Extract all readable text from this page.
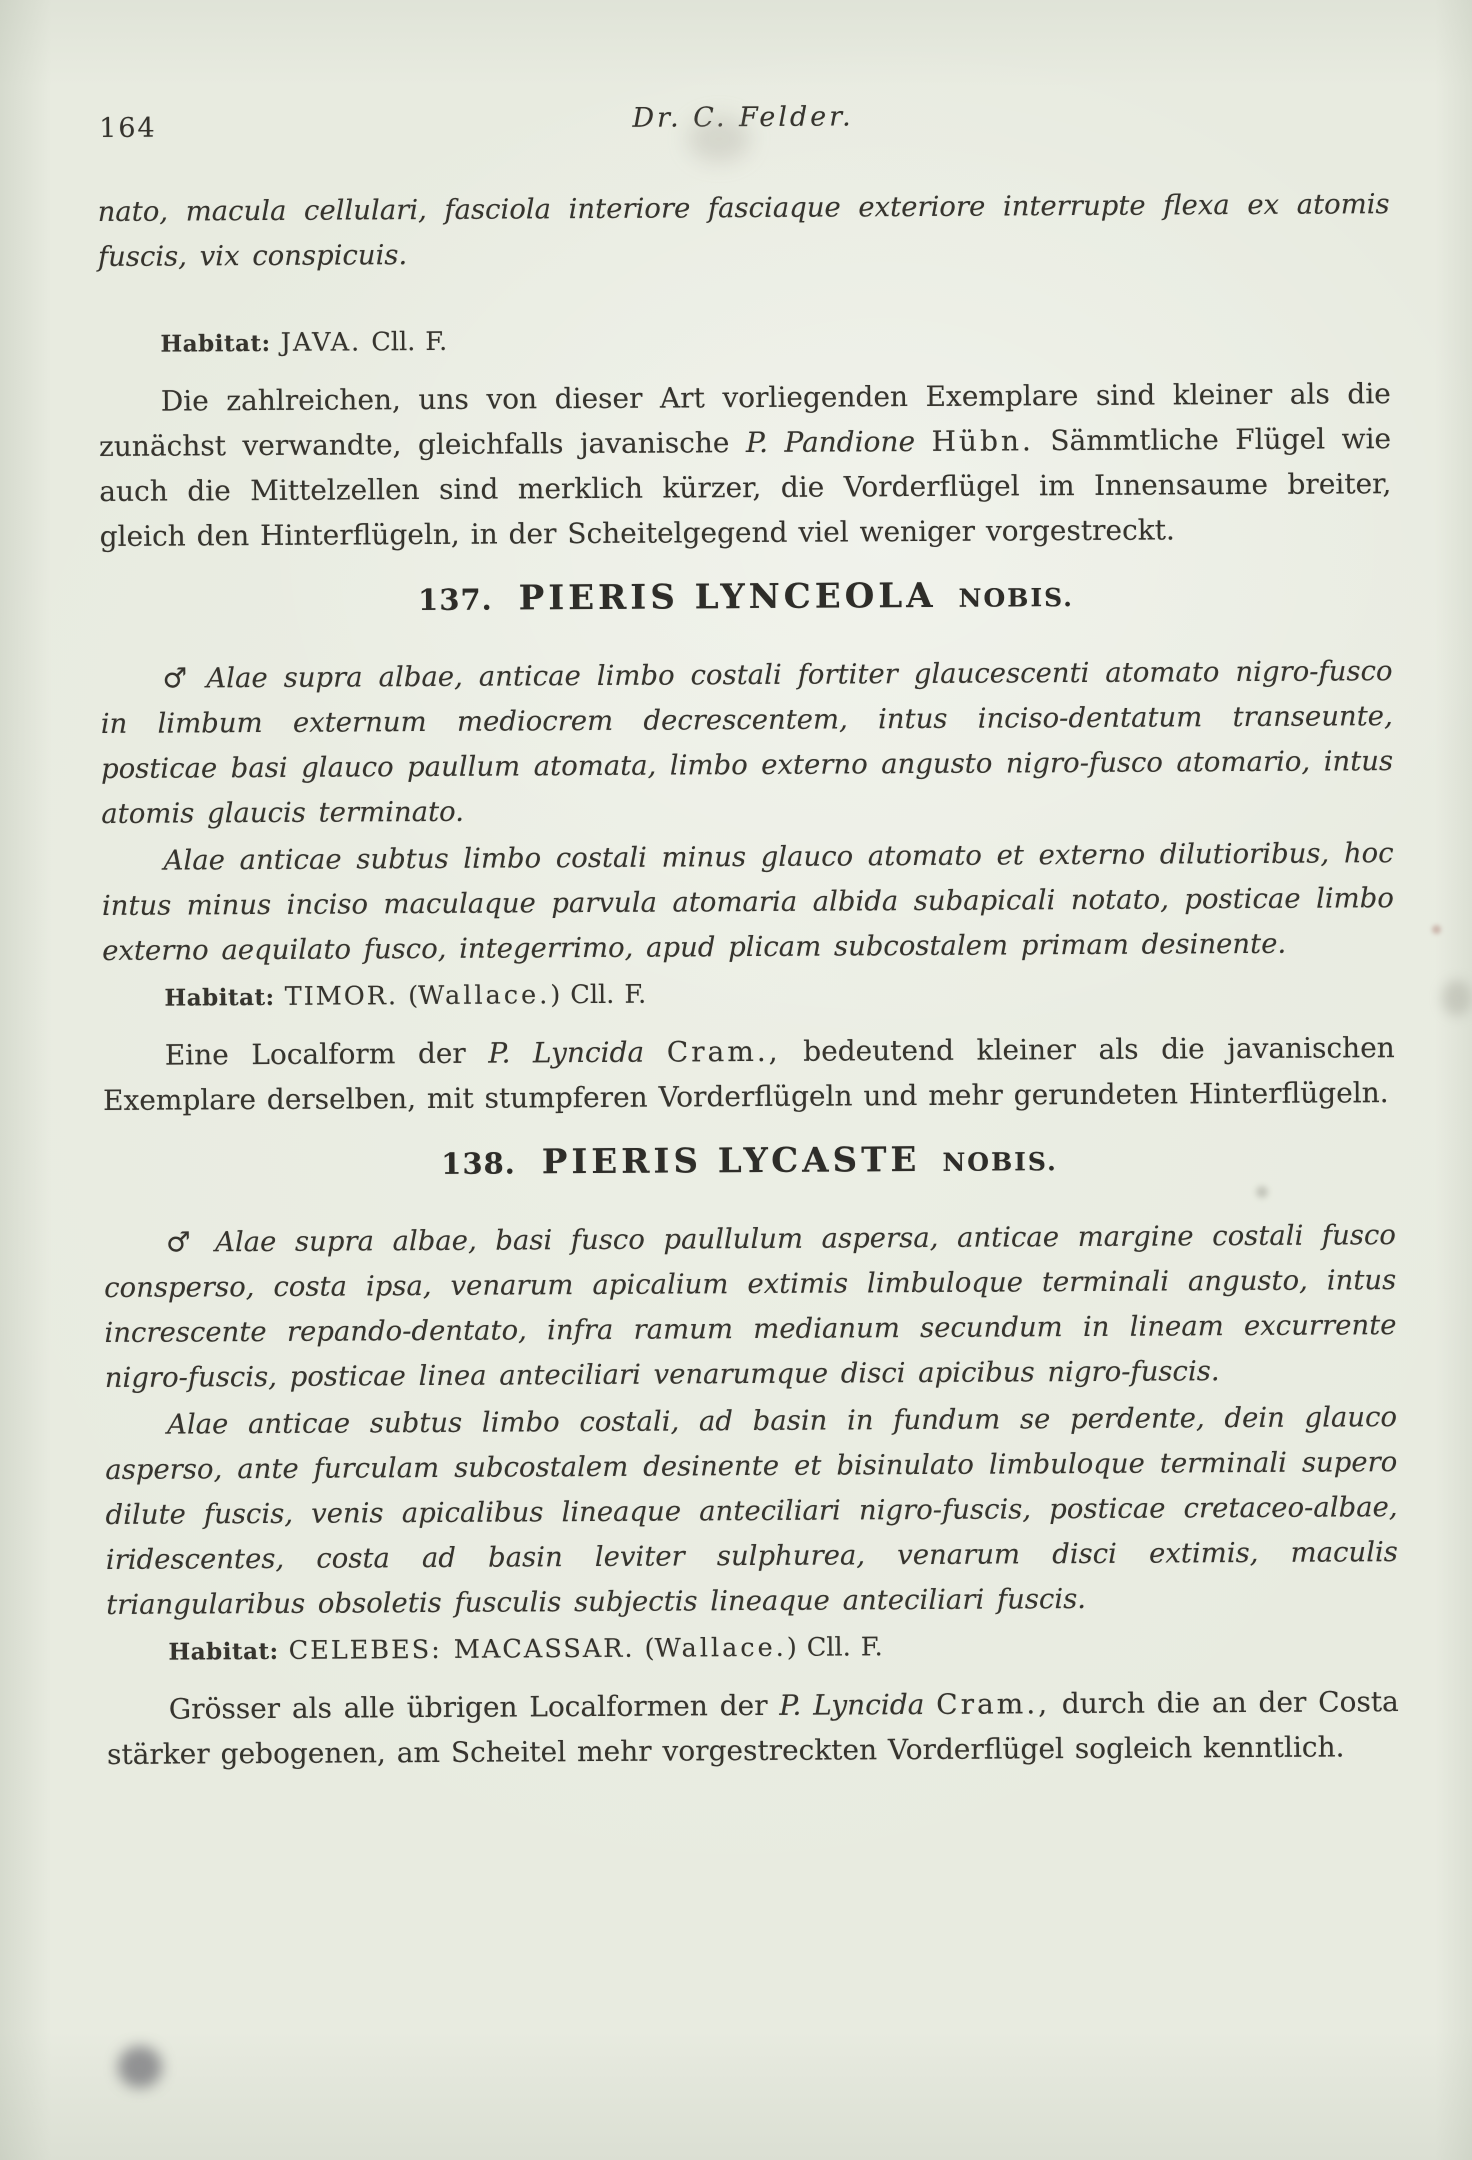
164	Dr. C. Felder.

nato, macula cellulari, fasciola interiore fasciaque exteriore interrupte flexa ex atomis fuscis, vix conspicuis.

Habitat: JAVA. Cll. F.

Die zahlreichen, uns von dieser Art vorliegenden Exemplare sind kleiner als die zunächst verwandte, gleichfalls javanische P. Pandione Hübn. Sämmtliche Flügel wie auch die Mittelzellen sind merklich kürzer, die Vorderflügel im Innensaume breiter, gleich den Hinterflügeln, in der Scheitelgegend viel weniger vorgestreckt.

137. PIERIS LYNCEOLA NOBIS.

♂ Alae supra albae, anticae limbo costali fortiter glaucescenti atomato nigro-fusco in limbum externum mediocrem decrescentem, intus inciso-dentatum transeunte, posticae basi glauco paullum atomata, limbo externo angusto nigro-fusco atomario, intus atomis glaucis terminato.

Alae anticae subtus limbo costali minus glauco atomato et externo dilutioribus, hoc intus minus inciso maculaque parvula atomaria albida subapicali notato, posticae limbo externo aequilato fusco, integerrimo, apud plicam subcostalem primam desinente.

Habitat: TIMOR. (Wallace.) Cll. F.

Eine Localform der P. Lyncida Cram., bedeutend kleiner als die javanischen Exemplare derselben, mit stumpferen Vorderflügeln und mehr gerundeten Hinterflügeln.

138. PIERIS LYCASTE NOBIS.

♂ Alae supra albae, basi fusco paullulum aspersa, anticae margine costali fusco consperso, costa ipsa, venarum apicalium extimis limbuloque terminali angusto, intus increscente repando-dentato, infra ramum medianum secundum in lineam excurrente nigro-fuscis, posticae linea anteciliari venarumque disci apicibus nigro-fuscis.

Alae anticae subtus limbo costali, ad basin in fundum se perdente, dein glauco asperso, ante furculam subcostalem desinente et bisinulato limbuloque terminali supero dilute fuscis, venis apicalibus lineaque anteciliari nigro-fuscis, posticae cretaceo-albae, iridescentes, costa ad basin leviter sulphurea, venarum disci extimis, maculis triangularibus obsoletis fusculis subjectis lineaque anteciliari fuscis.

Habitat: CELEBES: MACASSAR. (Wallace.) Cll. F.

Grösser als alle übrigen Localformen der P. Lyncida Cram., durch die an der Costa stärker gebogenen, am Scheitel mehr vorgestreckten Vorderflügel sogleich kenntlich.
